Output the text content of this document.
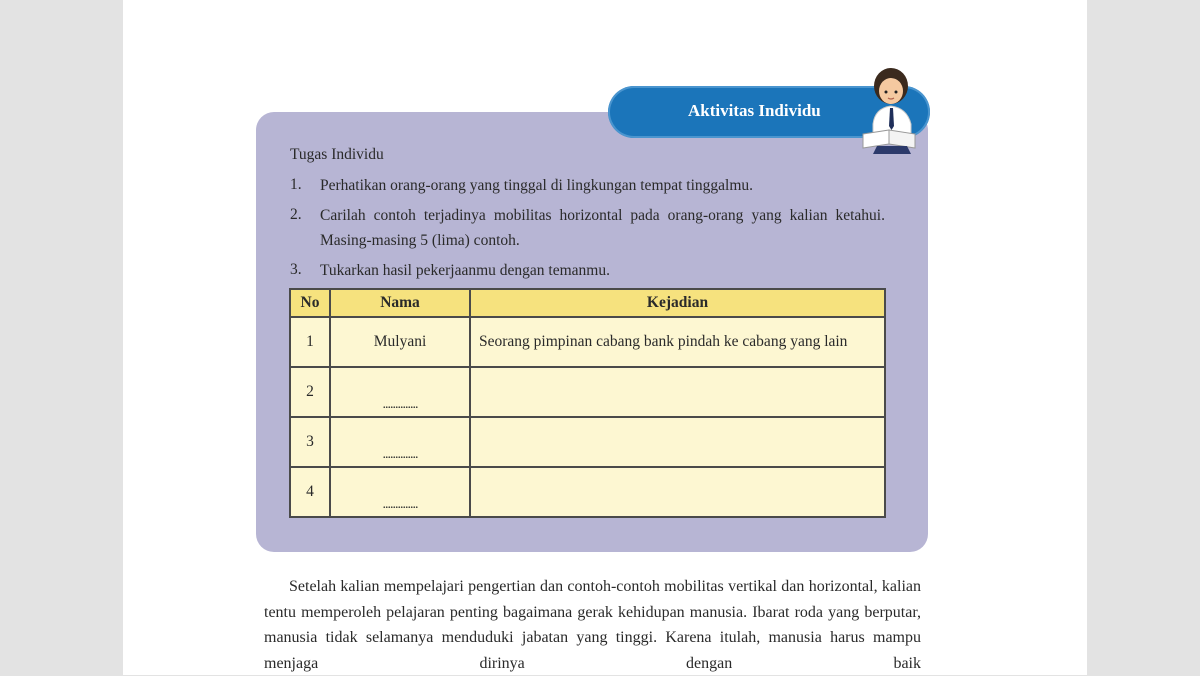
Aktivitas Individu
Tugas Individu
1. Perhatikan orang-orang yang tinggal di lingkungan tempat tinggalmu.
2. Carilah contoh terjadinya mobilitas horizontal pada orang-orang yang kalian ketahui. Masing-masing 5 (lima) contoh.
3. Tukarkan hasil pekerjaanmu dengan temanmu.
No	Nama	Kejadian
1	Mulyani	Seorang pimpinan cabang bank pindah ke cabang yang lain
2	..............	

3	..............	

4	..............	

Setelah kalian mempelajari pengertian dan contoh-contoh mobilitas vertikal dan horizontal, kalian tentu memperoleh pelajaran penting bagaimana gerak kehidupan manusia. Ibarat roda yang berputar, manusia tidak selamanya menduduki jabatan yang tinggi. Karena itulah, manusia harus mampu menjaga dirinya dengan baik
